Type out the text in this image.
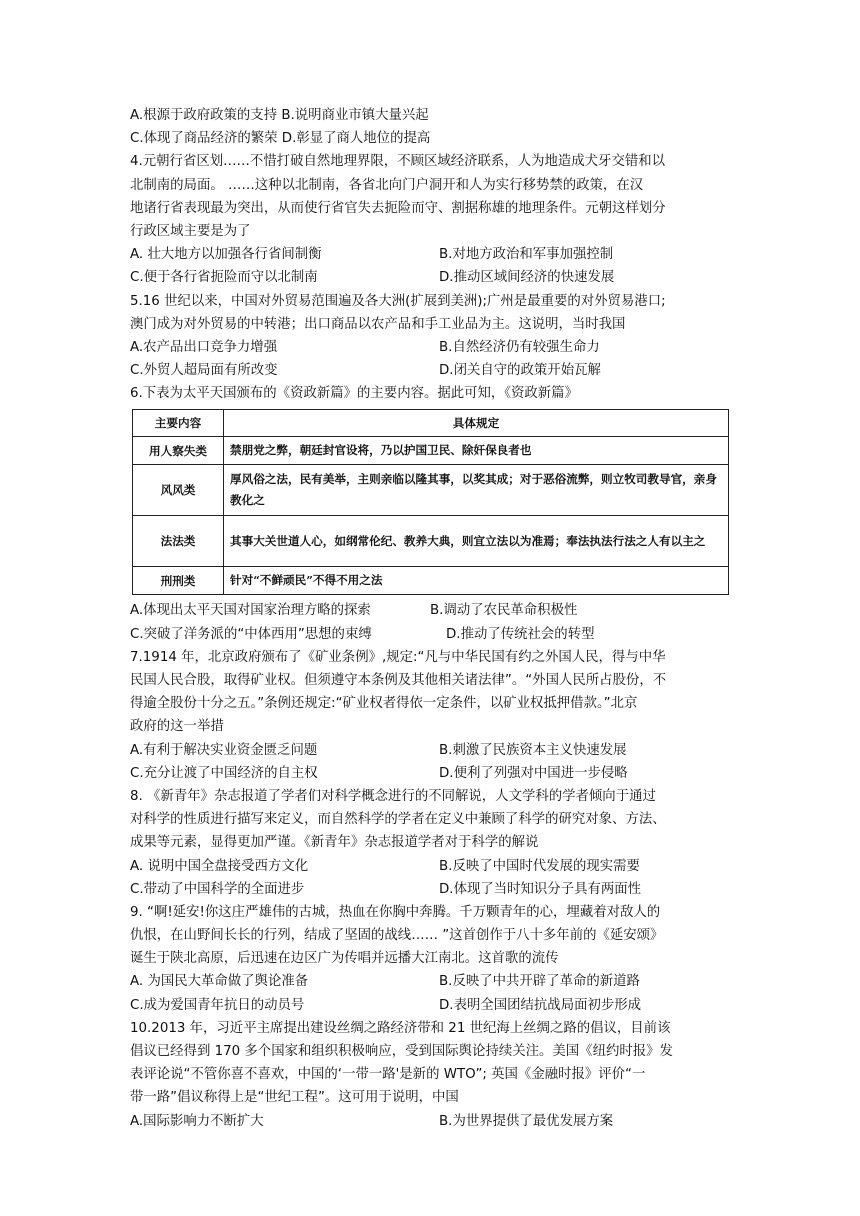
A.根源于政府政策的支持 B.说明商业市镇大量兴起
C.体现了商品经济的繁荣 D.彰显了商人地位的提高
4.元朝行省区划……不惜打破自然地理界限，不顾区域经济联系，人为地造成犬牙交错和以
北制南的局面。 ……这种以北制南，各省北向门户洞开和人为实行移势禁的政策，在汉
地诸行省表现最为突出，从而使行省官失去扼险而守、割据称雄的地理条件。元朝这样划分
行政区域主要是为了
A. 壮大地方以加强各行省间制衡	B.对地方政治和军事加强控制
C.便于各行省扼险而守以北制南	D.推动区域间经济的快速发展
5.16 世纪以来，中国对外贸易范围遍及各大洲(扩展到美洲);广州是最重要的对外贸易港口;
澳门成为对外贸易的中转港；出口商品以农产品和手工业品为主。这说明，当时我国
A.农产品出口竞争力增强	B.自然经济仍有较强生命力
C.外贸人超局面有所改变	D.闭关自守的政策开始瓦解
6.下表为太平天国颁布的《资政新篇》的主要内容。据此可知，《资政新篇》
主要内容	具体规定
用人察失类	禁朋党之弊，朝廷封官设将，乃以护国卫民、除奸保良者也
风风类	厚风俗之法，民有美举，主则亲临以隆其事，以奖其成；对于恶俗流弊，则立牧司教导官，亲身教化之
法法类	其事大关世道人心，如纲常伦纪、教养大典，则宜立法以为准焉；奉法执法行法之人有以主之
刑刑类	针对“不鲜顽民”不得不用之法
A.体现出太平天国对国家治理方略的探索	B.调动了农民革命积极性
C.突破了洋务派的“中体西用”思想的束缚	D.推动了传统社会的转型
7.1914 年，北京政府颁布了《矿业条例》,规定:“凡与中华民国有约之外国人民，得与中华
民国人民合股，取得矿业权。但须遵守本条例及其他相关诸法律”。“外国人民所占股份，不
得逾全股份十分之五。”条例还规定:“矿业权者得依一定条件，以矿业权抵押借款。”北京
政府的这一举措
A.有利于解决实业资金匮乏问题	B.刺激了民族资本主义快速发展
C.充分让渡了中国经济的自主权	D.便利了列强对中国进一步侵略
8. 《新青年》杂志报道了学者们对科学概念进行的不同解说，人文学科的学者倾向于通过
对科学的性质进行描写来定义，而自然科学的学者在定义中兼顾了科学的研究对象、方法、
成果等元素，显得更加严谨。《新青年》杂志报道学者对于科学的解说
A. 说明中国全盘接受西方文化	B.反映了中国时代发展的现实需要
C.带动了中国科学的全面进步	D.体现了当时知识分子具有两面性
9. “啊!延安!你这庄严雄伟的古城，热血在你胸中奔腾。千万颗青年的心，埋藏着对敌人的
仇恨，在山野间长长的行列，结成了坚固的战线…… ”这首创作于八十多年前的《延安颂》
诞生于陕北高原，后迅速在边区广为传唱并远播大江南北。这首歌的流传
A. 为国民大革命做了舆论准备	B.反映了中共开辟了革命的新道路
C.成为爱国青年抗日的动员号	D.表明全国团结抗战局面初步形成
10.2013 年，习近平主席提出建设丝绸之路经济带和 21 世纪海上丝绸之路的倡议，目前该
倡议已经得到 170 多个国家和组织积极响应，受到国际舆论持续关注。美国《纽约时报》发
表评论说“不管你喜不喜欢，中国的‘一带一路'是新的 WTO”; 英国《金融时报》评价“一
带一路”倡议称得上是“世纪工程”。这可用于说明，中国
A.国际影响力不断扩大	B.为世界提供了最优发展方案
